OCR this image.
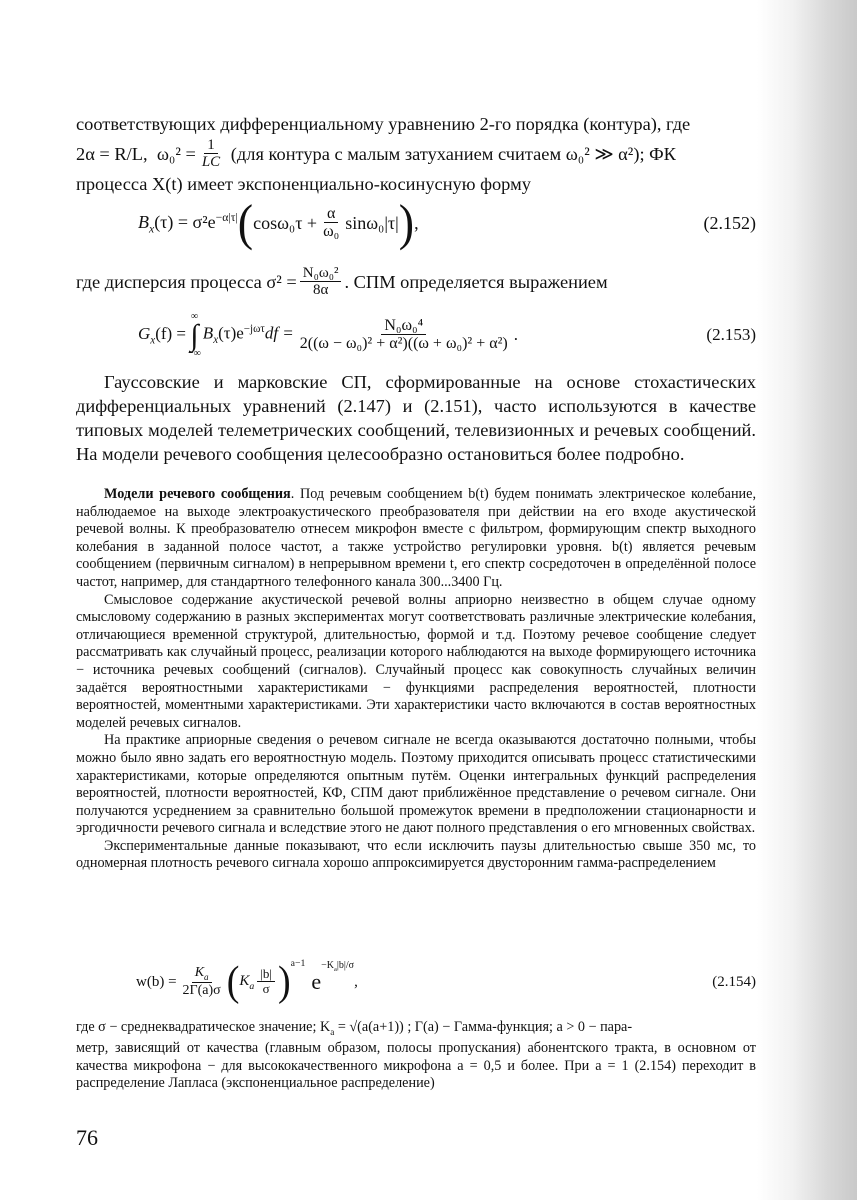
соответствующих дифференциальному уравнению 2-го порядка (контура), где
2α = R/L,
$\omega_0^2 = \frac{1}{LC}$
(для контура с малым затуханием считаем ω₀² ≫ α²); ФК
процесса X(t) имеет экспоненциально-косинусную форму
$B_x(\tau) = \sigma^2e^{-\alpha|\tau|}$ ( $\cos\omega_0\tau + \frac{\alpha}{\text{ω₀}} \sin\omega_0|\tau|$ ) ,	(2.152)
где дисперсия процесса $\sigma^2 = \frac{\text{N₀ω₀²}}{8\alpha}$ . СПМ определяется выражением
$G_x(f)$ =
∞
∫
−∞
$B_x(\tau)e^{-j\omega\tau}df = \frac{\text{N₀ω₀⁴}}{\text{2((ω − ω₀)² + α²)((ω + ω₀)² + α²)}}$ .	(2.153)
Гауссовские и марковские СП, сформированные на основе стохастических дифференциальных уравнений (2.147) и (2.151), часто используются в качестве типовых моделей телеметрических сообщений, телевизионных и речевых сообщений. На модели речевого сообщения целесообразно остановиться более подробно.
Модели речевого сообщения. Под речевым сообщением b(t) будем понимать электрическое колебание, наблюдаемое на выходе электроакустического преобразователя при действии на его входе акустической речевой волны. К преобразователю отнесем микрофон вместе с фильтром, формирующим спектр выходного колебания в заданной полосе частот, а также устройство регулировки уровня. b(t) является речевым сообщением (первичным сигналом) в непрерывном времени t, его спектр сосредоточен в определённой полосе частот, например, для стандартного телефонного канала 300...3400 Гц.
Смысловое содержание акустической речевой волны априорно неизвестно в общем случае одному смысловому содержанию в разных экспериментах могут соответствовать различные электрические колебания, отличающиеся временной структурой, длительностью, формой и т.д. Поэтому речевое сообщение следует рассматривать как случайный процесс, реализации которого наблюдаются на выходе формирующего источника − источника речевых сообщений (сигналов). Случайный процесс как совокупность случайных величин задаётся вероятностными характеристиками − функциями распределения вероятностей, плотности вероятностей, моментными характеристиками. Эти характеристики часто включаются в состав вероятностных моделей речевых сигналов.
На практике априорные сведения о речевом сигнале не всегда оказываются достаточно полными, чтобы можно было явно задать его вероятностную модель. Поэтому приходится описывать процесс статистическими характеристиками, которые определяются опытным путём. Оценки интегральных функций распределения вероятностей, плотности вероятностей, КФ, СПМ дают приближённое представление о речевом сигнале. Они получаются усреднением за сравнительно большой промежуток времени в предположении стационарности и эргодичности речевого сигнала и вследствие этого не дают полного представления о его мгновенных свойствах.
Экспериментальные данные показывают, что если исключить паузы длительностью свыше 350 мс, то одномерная плотность речевого сигнала хорошо аппроксимируется двусторонним гамма-распределением
$w(b) = \frac{K_a}{2\Gamma(a)\sigma}$ ( $K_a \frac{|b|}{\sigma} )^{a-1}$
e
$^{-K_a|b|/\sigma}$
,	(2.154)
где σ − среднеквадратическое значение; $K_a = √(a(a+1))$ ; Γ(a) − Гамма-функция; a > 0 − пара-
метр, зависящий от качества (главным образом, полосы пропускания) абонентского тракта, в основном от качества микрофона − для высококачественного микрофона a = 0,5 и более. При a = 1 (2.154) переходит в распределение Лапласа (экспоненциальное распределение)
76
